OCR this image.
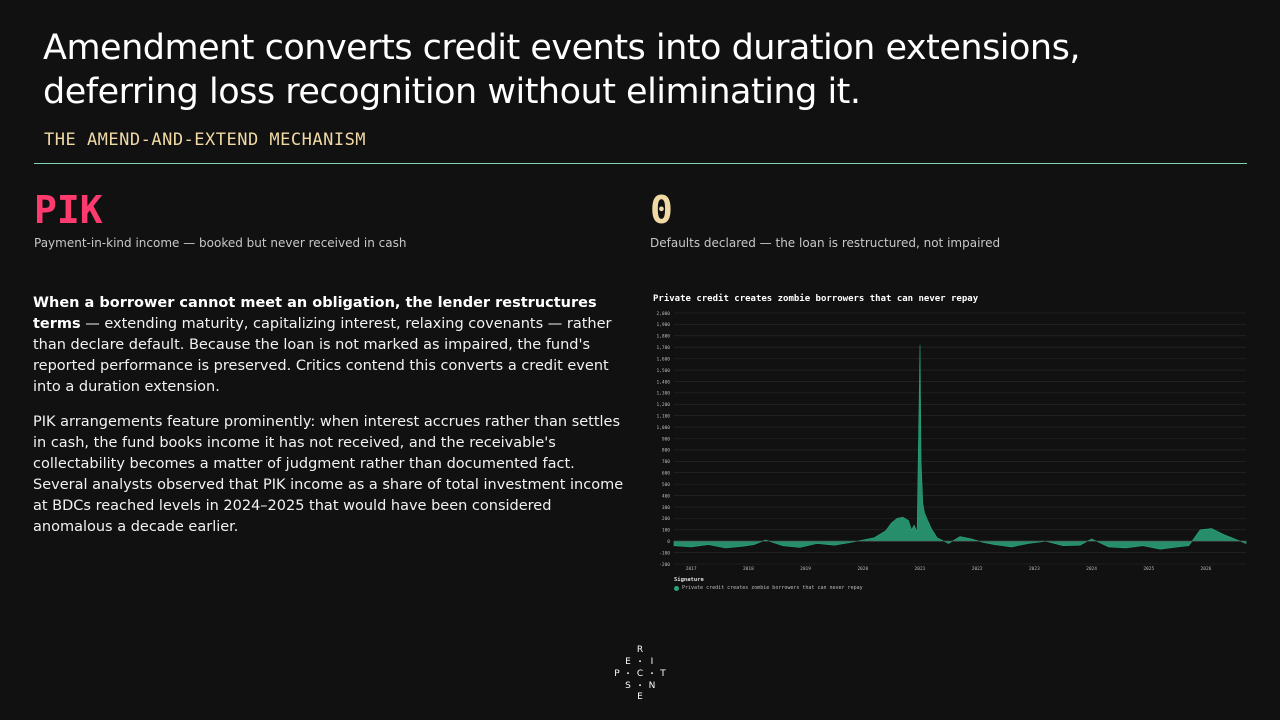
Amendment converts credit events into duration extensions,
deferring loss recognition without eliminating it.
THE AMEND-AND-EXTEND MECHANISM
PIK
Payment-in-kind income — booked but never received in cash
0
Defaults declared — the loan is restructured, not impaired

When a borrower cannot meet an obligation, the lender restructures terms — extending maturity, capitalizing interest, relaxing covenants — rather than declare default. Because the loan is not marked as impaired, the fund's reported performance is preserved. Critics contend this converts a credit event into a duration extension.

PIK arrangements feature prominently: when interest accrues rather than settles in cash, the fund books income it has not received, and the receivable's collectability becomes a matter of judgment rather than documented fact. Several analysts observed that PIK income as a share of total investment income at BDCs reached levels in 2024–2025 that would have been considered anomalous a decade earlier.

2,000
1,900
1,800
1,700
1,600
1,500
1,400
1,300
1,200
1,100
1,000
900
800
700
600
500
400
300
200
100
0
-100
-200
2017	2018	2019	2020	2021	2022	2023	2024	2025	2026
Private credit creates zombie borrowers that can never repay
Signature
Private credit creates zombie borrowers that can never repay
R
E • I
P • C • T
S • N
E
